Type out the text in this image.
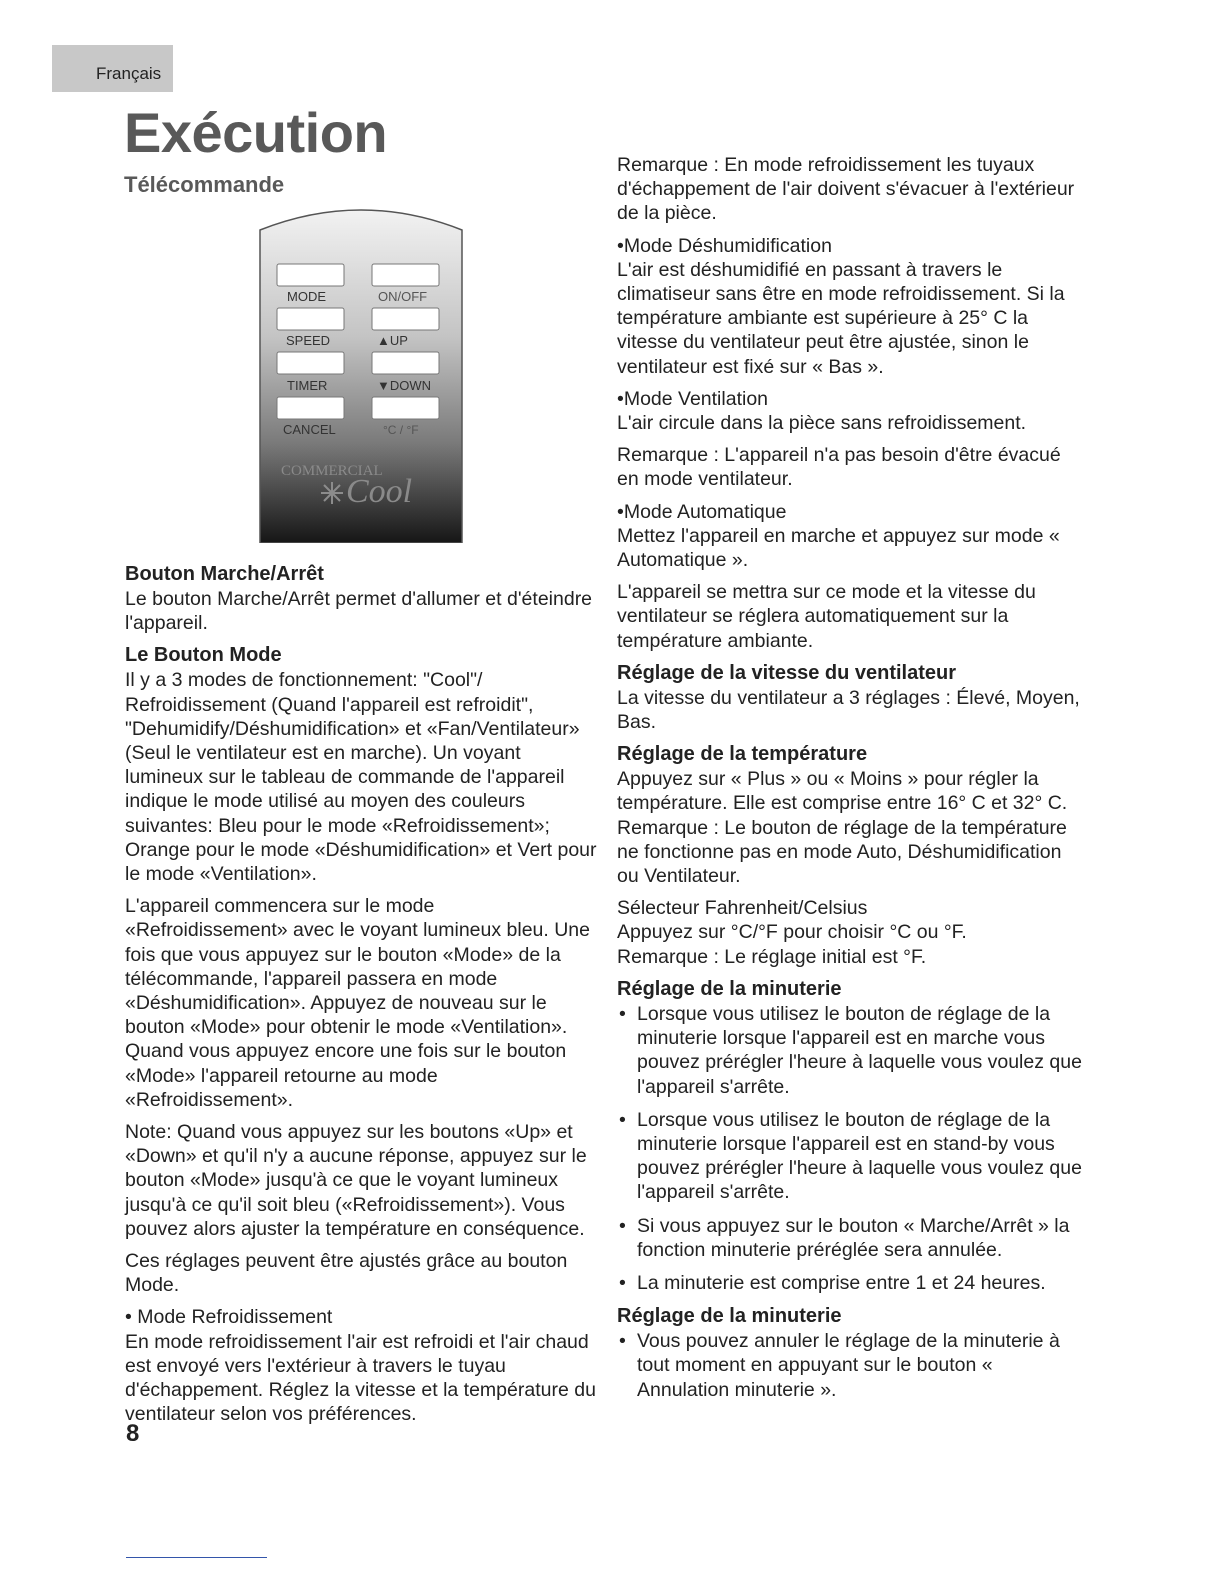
Français
Exécution
Télécommande
MODE	ON/OFF
SPEED	▲UP
TIMER	▼DOWN
CANCEL	°C / °F
COMMERCIAL
Cool
Bouton Marche/Arrêt

Le bouton Marche/Arrêt permet d'allumer et d'éteindre l'appareil.

Le Bouton Mode

Il y a 3 modes de fonctionnement: "Cool"/ Refroidissement (Quand l'appareil est refroidit", "Dehumidify/Déshumidification» et «Fan/Ventilateur» (Seul le ventilateur est en marche). Un voyant lumineux sur le tableau de commande de l'appareil indique le mode utilisé au moyen des couleurs suivantes: Bleu pour le mode «Refroidissement»; Orange pour le mode «Déshumidification» et Vert pour le mode «Ventilation».

L'appareil commencera sur le mode «Refroidissement» avec le voyant lumineux bleu. Une fois que vous appuyez sur le bouton «Mode» de la télécommande, l'appareil passera en mode «Déshumidification». Appuyez de nouveau sur le bouton «Mode» pour obtenir le mode «Ventilation». Quand vous appuyez encore une fois sur le bouton «Mode» l'appareil retourne au mode «Refroidissement».

Note: Quand vous appuyez sur les boutons «Up» et «Down» et qu'il n'y a aucune réponse, appuyez sur le bouton «Mode» jusqu'à ce que le voyant lumineux jusqu'à ce qu'il soit bleu («Refroidissement»). Vous pouvez alors ajuster la température en conséquence.

Ces réglages peuvent être ajustés grâce au bouton Mode.

• Mode Refroidissement

En mode refroidissement l'air est refroidi et l'air chaud est envoyé vers l'extérieur à travers le tuyau d'échappement. Réglez la vitesse et la température du ventilateur selon vos préférences.

Remarque : En mode refroidissement les tuyaux d'échappement de l'air doivent s'évacuer à l'extérieur de la pièce.

•Mode Déshumidification

L'air est déshumidifié en passant à travers le climatiseur sans être en mode refroidissement. Si la température ambiante est supérieure à 25° C la vitesse du ventilateur peut être ajustée, sinon le ventilateur est fixé sur « Bas ».

•Mode Ventilation

L'air circule dans la pièce sans refroidissement.

Remarque : L'appareil n'a pas besoin d'être évacué en mode ventilateur.

•Mode Automatique

Mettez l'appareil en marche et appuyez sur mode « Automatique ».

L'appareil se mettra sur ce mode et la vitesse du ventilateur se réglera automatiquement sur la température ambiante.

Réglage de la vitesse du ventilateur

La vitesse du ventilateur a 3 réglages : Élevé, Moyen, Bas.

Réglage de la température

Appuyez sur « Plus » ou « Moins » pour régler la température. Elle est comprise entre 16° C et 32° C.

Remarque : Le bouton de réglage de la température ne fonctionne pas en mode Auto, Déshumidification ou Ventilateur.

Sélecteur Fahrenheit/Celsius

Appuyez sur °C/°F pour choisir °C ou °F.

Remarque : Le réglage initial est °F.

Réglage de la minuterie
• Lorsque vous utilisez le bouton de réglage de la minuterie lorsque l'appareil est en marche vous pouvez prérégler l'heure à laquelle vous voulez que l'appareil s'arrête.
• Lorsque vous utilisez le bouton de réglage de la minuterie lorsque l'appareil est en stand-by vous pouvez prérégler l'heure à laquelle vous voulez que l'appareil s'arrête.
• Si vous appuyez sur le bouton « Marche/Arrêt » la fonction minuterie préréglée sera annulée.
• La minuterie est comprise entre 1 et 24 heures.
Réglage de la minuterie
• Vous pouvez annuler le réglage de la minuterie à tout moment en appuyant sur le bouton « Annulation minuterie ».

8
